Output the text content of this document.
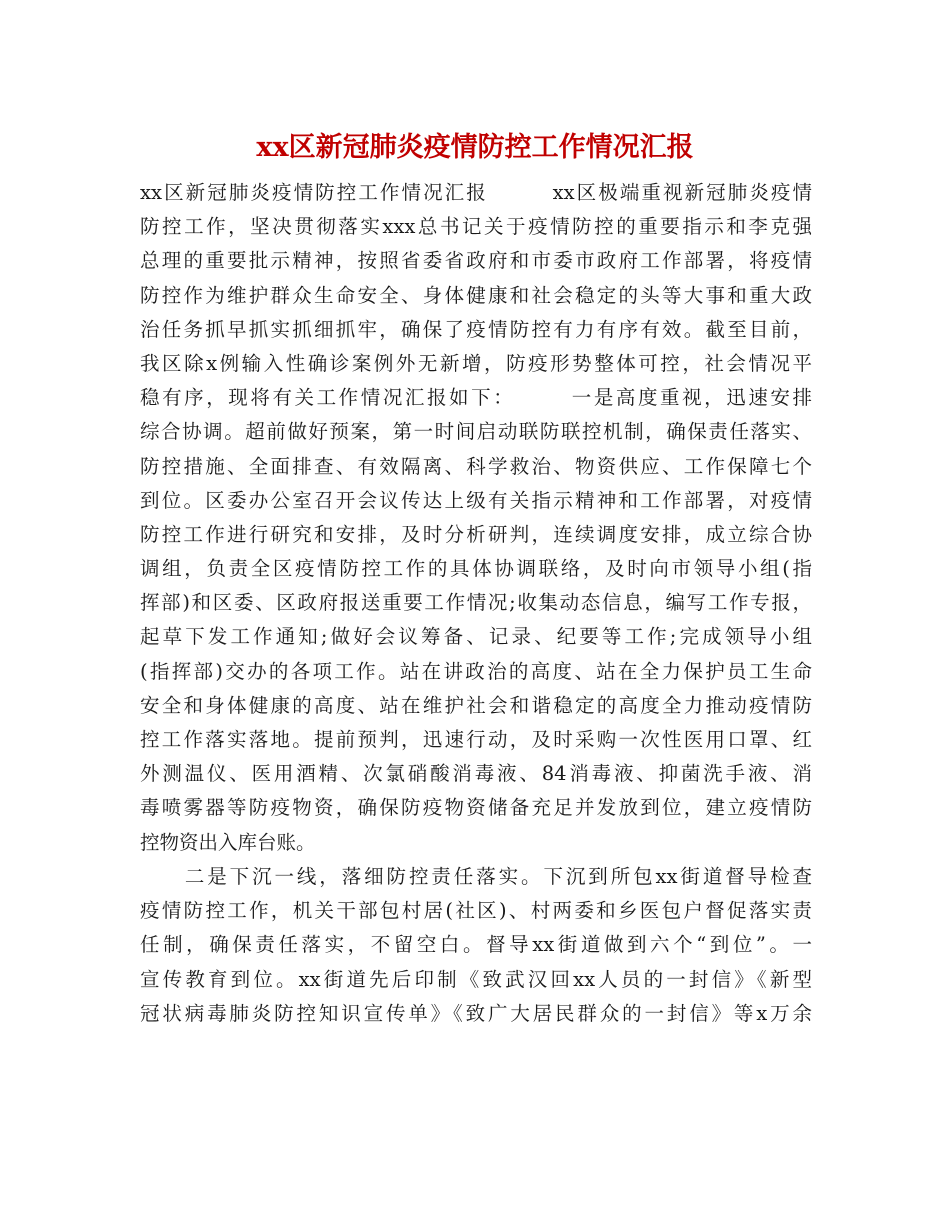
xx区新冠肺炎疫情防控工作情况汇报
xx区新冠肺炎疫情防控工作情况汇报　　　xx区极端重视新冠肺炎疫情
防控工作，坚决贯彻落实xxx总书记关于疫情防控的重要指示和李克强
总理的重要批示精神，按照省委省政府和市委市政府工作部署，将疫情
防控作为维护群众生命安全、身体健康和社会稳定的头等大事和重大政
治任务抓早抓实抓细抓牢，确保了疫情防控有力有序有效。截至目前，
我区除x例输入性确诊案例外无新增，防疫形势整体可控，社会情况平
稳有序，现将有关工作情况汇报如下：　　　一是高度重视，迅速安排
综合协调。超前做好预案，第一时间启动联防联控机制，确保责任落实、
防控措施、全面排查、有效隔离、科学救治、物资供应、工作保障七个
到位。区委办公室召开会议传达上级有关指示精神和工作部署，对疫情
防控工作进行研究和安排，及时分析研判，连续调度安排，成立综合协
调组，负责全区疫情防控工作的具体协调联络，及时向市领导小组(指
挥部)和区委、区政府报送重要工作情况;收集动态信息，编写工作专报，
起草下发工作通知;做好会议筹备、记录、纪要等工作;完成领导小组
(指挥部)交办的各项工作。站在讲政治的高度、站在全力保护员工生命
安全和身体健康的高度、站在维护社会和谐稳定的高度全力推动疫情防
控工作落实落地。提前预判，迅速行动，及时采购一次性医用口罩、红
外测温仪、医用酒精、次氯硝酸消毒液、84消毒液、抑菌洗手液、消
毒喷雾器等防疫物资，确保防疫物资储备充足并发放到位，建立疫情防
控物资出入库台账。
　　二是下沉一线，落细防控责任落实。下沉到所包xx街道督导检查
疫情防控工作，机关干部包村居(社区)、村两委和乡医包户督促落实责
任制，确保责任落实，不留空白。督导xx街道做到六个“到位”。一
宣传教育到位。xx街道先后印制《致武汉回xx人员的一封信》《新型
冠状病毒肺炎防控知识宣传单》《致广大居民群众的一封信》等x万余
